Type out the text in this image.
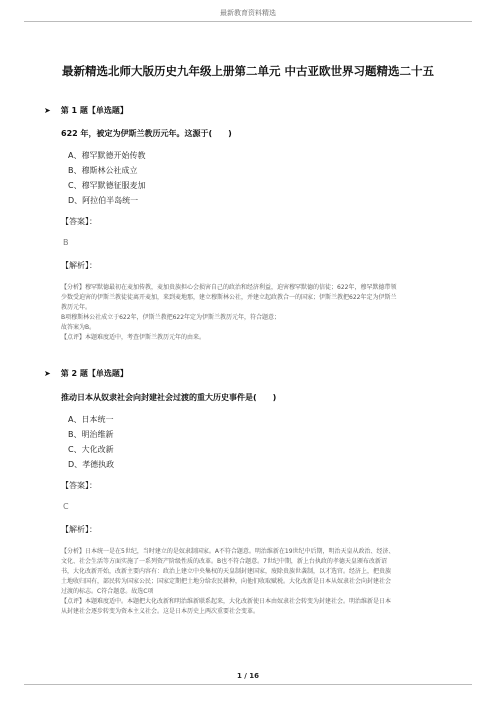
最新教育资料精选
最新精选北师大版历史九年级上册第二单元 中古亚欧世界习题精选二十五
➤ 第 1 题【单选题】
622 年，被定为伊斯兰教历元年。这源于(　　)
A、穆罕默德开始传教
B、穆斯林公社成立
C、穆罕默德征服麦加
D、阿拉伯半岛统一
【答案】：
B
【解析】：

【分析】穆罕默德最初在麦加传教，麦加贵族担心会损害自己的政治和经济利益，迫害穆罕默德的信徒；622年，穆罕默德带领

少数受迫害的伊斯兰教徒徒离开麦加，来到麦地那，建立穆斯林公社，并建立起政教合一的国家；伊斯兰教把622年定为伊斯兰

教历元年。

B项穆斯林公社成立于622年，伊斯兰教把622年定为伊斯兰教历元年，符合题意；

故答案为B。

【点评】本题难度适中，考查伊斯兰教历元年的由来。

➤ 第 2 题【单选题】
推动日本从奴隶社会向封建社会过渡的重大历史事件是(　　)
A、日本统一
B、明治维新
C、大化改新
D、孝德执政
【答案】：
C
【解析】：

【分析】日本统一是在5世纪，当时建立的是奴隶制国家。A不符合题意。明治维新在19世纪中后期，明治天皇从政治、经济、

文化、社会生活等方面实施了一系列资产阶级性质的改革。B也不符合题意。7世纪中期，新上台执政的孝德天皇颁布改新诏

书，大化改新开始，改新主要内容有：政治上建立中央集权的天皇制封建国家，废除贵族世袭制，以才选官。经济上，把贵族

土地收归国有，部民转为国家公民；国家定期把土地分给农民耕种，向他们收取赋税。大化改新是日本从奴隶社会向封建社会

过渡的标志。C符合题意。故选C项

【点评】本题难度适中。本题把大化改新和明治维新联系起来，大化改新使日本由奴隶社会转变为封建社会。明治维新是日本

从封建社会逐步转变为资本主义社会。这是日本历史上两次重要社会变革。

1 / 16
